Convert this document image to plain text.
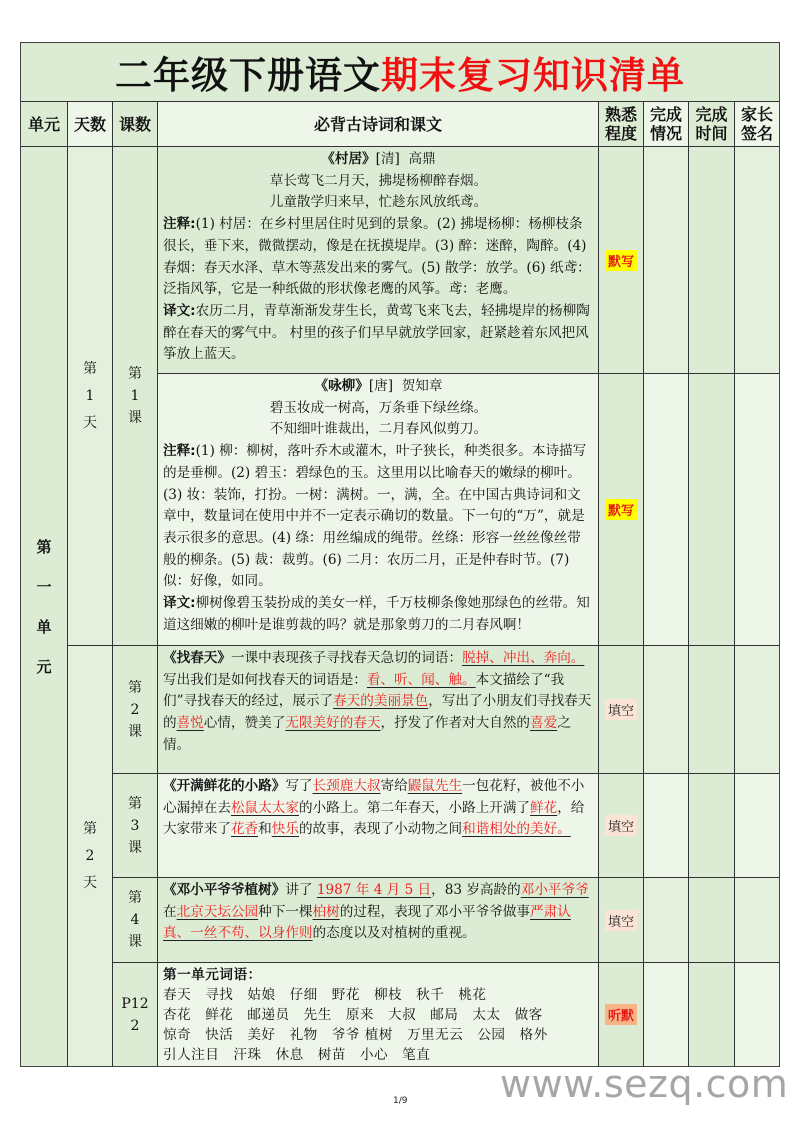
二年级下册语文 期末复习知识清单
单元 天数 课数	必背古诗词和课文	熟悉程度
完成情况
完成时间
家长签名
第
一
单
元
第
1
天
第
2
天
第
1
课
第
2
课
第
3
课
第
4
课
P12
2
《村居》[清] 高鼎
草长莺飞二月天，拂堤杨柳醉春烟。
儿童散学归来早，忙趁东风放纸鸢。
注释:(1) 村居：在乡村里居住时见到的景象。(2) 拂堤杨柳：杨柳枝条很长，垂下来，微微摆动，像是在抚摸堤岸。(3) 醉：迷醉，陶醉。(4) 春烟：春天水泽、草木等蒸发出来的雾气。(5) 散学：放学。(6) 纸鸢：泛指风筝，它是一种纸做的形状像老鹰的风筝。鸢：老鹰。
译文:农历二月，青草渐渐发芽生长，黄莺飞来飞去，轻拂堤岸的杨柳陶醉在春天的雾气中。 村里的孩子们早早就放学回家，赶紧趁着东风把风筝放上蓝天。
《咏柳》[唐] 贺知章
碧玉妆成一树高，万条垂下绿丝绦。
不知细叶谁裁出，二月春风似剪刀。
注释:(1) 柳：柳树，落叶乔木或灌木，叶子狭长，种类很多。本诗描写的是垂柳。(2) 碧玉：碧绿色的玉。这里用以比喻春天的嫩绿的柳叶。(3) 妆：装饰，打扮。一树：满树。一，满，全。在中国古典诗词和文章中，数量词在使用中并不一定表示确切的数量。下一句的“万”，就是表示很多的意思。(4) 绦：用丝编成的绳带。丝绦：形容一丝丝像丝带般的柳条。(5) 裁：裁剪。(6) 二月：农历二月，正是仲春时节。(7) 似：好像，如同。
译文:柳树像碧玉装扮成的美女一样，千万枝柳条像她那绿色的丝带。知道这细嫩的柳叶是谁剪裁的吗？就是那象剪刀的二月春风啊！
《找春天》一课中表现孩子寻找春天急切的词语：脱掉、冲出、奔向。写出我们是如何找春天的词语是：看、听、闻、触。本文描绘了“我们”寻找春天的经过，展示了春天的美丽景色，写出了小朋友们寻找春天的喜悦心情，赞美了无限美好的春天，抒发了作者对大自然的喜爱之情。
《开满鲜花的小路》写了长颈鹿大叔寄给鼹鼠先生一包花籽，被他不小心漏掉在去松鼠太太家的小路上。第二年春天，小路上开满了鲜花，给大家带来了花香和快乐的故事，表现了小动物之间和谐相处的美好。
《邓小平爷爷植树》讲了 1987 年 4 月 5 日，83 岁高龄的邓小平爷爷在北京天坛公园种下一棵柏树的过程，表现了邓小平爷爷做事严肃认真、一丝不苟、以身作则的态度以及对植树的重视。
第一单元词语：
春天 寻找 姑娘 仔细 野花 柳枝 秋千 桃花
杏花 鲜花 邮递员 先生 原来 大叔 邮局 太太 做客
惊奇 快活 美好 礼物 爷爷 植树 万里无云 公园 格外
引人注目 汗珠 休息 树苗 小心 笔直
默写
默写
填空
填空
填空
听默
www.sezq.com
1/9
